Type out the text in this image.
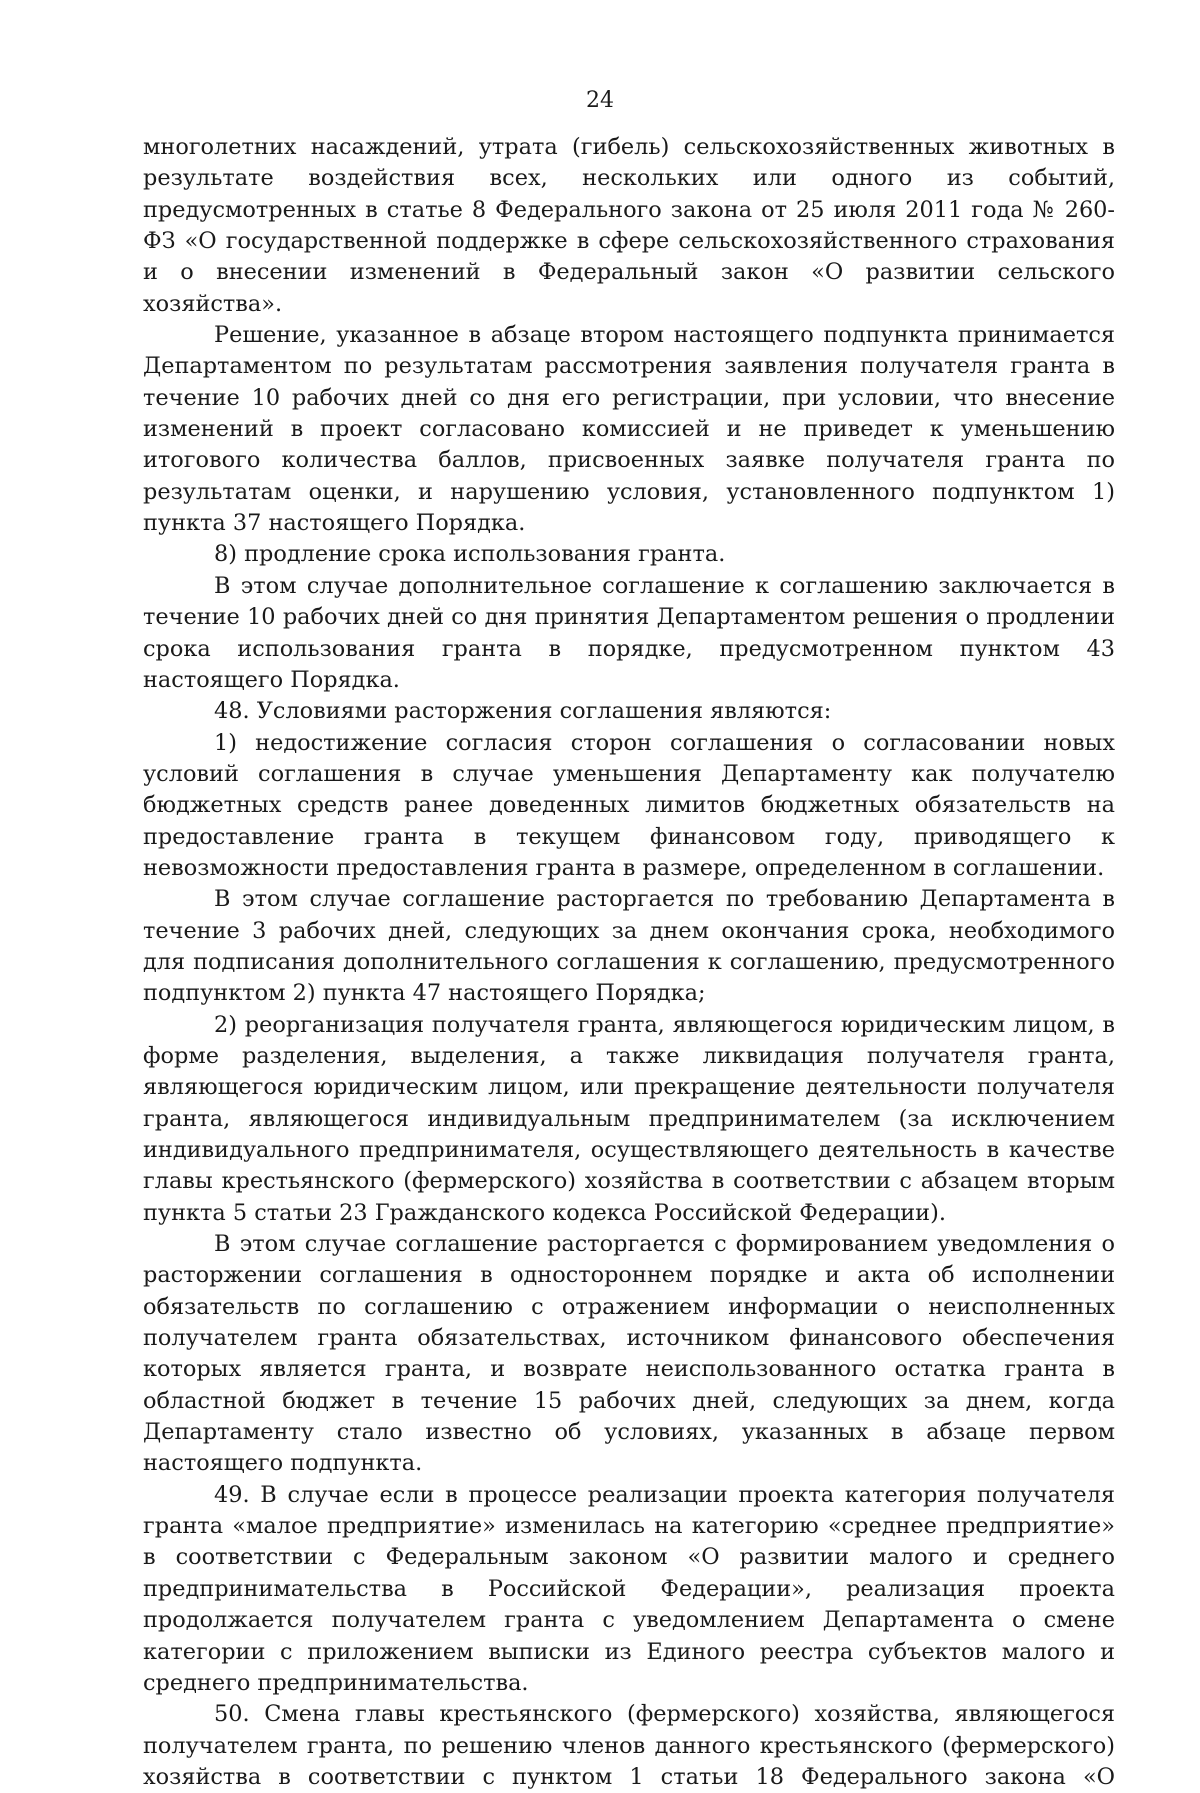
24

многолетних насаждений, утрата (гибель) сельскохозяйственных животных в результате воздействия всех, нескольких или одного из событий, предусмотренных в статье 8 Федерального закона от 25 июля 2011 года № 260-ФЗ «О государственной поддержке в сфере сельскохозяйственного страхования и о внесении изменений в Федеральный закон «О развитии сельского хозяйства».

Решение, указанное в абзаце втором настоящего подпункта принимается Департаментом по результатам рассмотрения заявления получателя гранта в течение 10 рабочих дней со дня его регистрации, при условии, что внесение изменений в проект согласовано комиссией и не приведет к уменьшению итогового количества баллов, присвоенных заявке получателя гранта по результатам оценки, и нарушению условия, установленного подпунктом 1) пункта 37 настоящего Порядка.

8) продление срока использования гранта.

В этом случае дополнительное соглашение к соглашению заключается в течение 10 рабочих дней со дня принятия Департаментом решения о продлении срока использования гранта в порядке, предусмотренном пунктом 43 настоящего Порядка.

48. Условиями расторжения соглашения являются:

1) недостижение согласия сторон соглашения о согласовании новых условий соглашения в случае уменьшения Департаменту как получателю бюджетных средств ранее доведенных лимитов бюджетных обязательств на предоставление гранта в текущем финансовом году, приводящего к невозможности предоставления гранта в размере, определенном в соглашении.

В этом случае соглашение расторгается по требованию Департамента в течение 3 рабочих дней, следующих за днем окончания срока, необходимого для подписания дополнительного соглашения к соглашению, предусмотренного подпунктом 2) пункта 47 настоящего Порядка;

2) реорганизация получателя гранта, являющегося юридическим лицом, в форме разделения, выделения, а также ликвидация получателя гранта, являющегося юридическим лицом, или прекращение деятельности получателя гранта, являющегося индивидуальным предпринимателем (за исключением индивидуального предпринимателя, осуществляющего деятельность в качестве главы крестьянского (фермерского) хозяйства в соответствии с абзацем вторым пункта 5 статьи 23 Гражданского кодекса Российской Федерации).

В этом случае соглашение расторгается с формированием уведомления о расторжении соглашения в одностороннем порядке и акта об исполнении обязательств по соглашению с отражением информации о неисполненных получателем гранта обязательствах, источником финансового обеспечения которых является гранта, и возврате неиспользованного остатка гранта в областной бюджет в течение 15 рабочих дней, следующих за днем, когда Департаменту стало известно об условиях, указанных в абзаце первом настоящего подпункта.

49. В случае если в процессе реализации проекта категория получателя гранта «малое предприятие» изменилась на категорию «среднее предприятие» в соответствии с Федеральным законом «О развитии малого и среднего предпринимательства в Российской Федерации», реализация проекта продолжается получателем гранта с уведомлением Департамента о смене категории с приложением выписки из Единого реестра субъектов малого и среднего предпринимательства.

50. Смена главы крестьянского (фермерского) хозяйства, являющегося получателем гранта, по решению членов данного крестьянского (фермерского) хозяйства в соответствии с пунктом 1 статьи 18 Федерального закона «О
